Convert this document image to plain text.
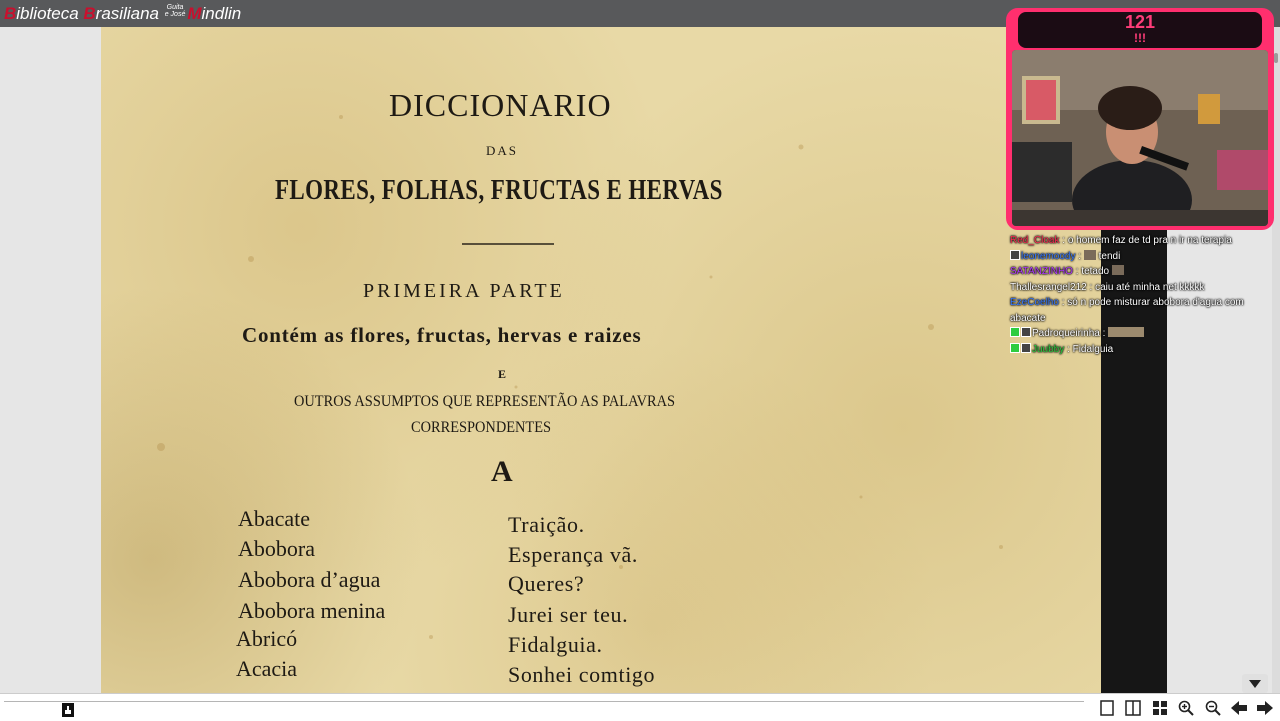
Biblioteca Brasiliana Guita
e José Mindlin
DICCIONARIO
DAS
FLORES, FOLHAS, FRUCTAS E HERVAS
PRIMEIRA PARTE
Contém as flores, fructas, hervas e raizes
E
OUTROS ASSUMPTOS QUE REPRESENTÃO AS PALAVRAS
CORRESPONDENTES
A
Abacate	Traição.
Abobora	Esperança vã.
Abobora d’agua	Queres?
Abobora menina	Jurei ser teu.
Abricó	Fidalguia.
Acacia	Sonhei comtigo
121
!!!
Red_Cloak : o homem faz de td pra n ir na terapia
leonemoody :  tendi
SATANZINHO : tetado
Thallesrangel212 : caiu até minha net kkkkk
EzeCoelho : só n pode misturar abobora d'agua com abacate
Padroqueirinha :
Juubby : Fidalguia
